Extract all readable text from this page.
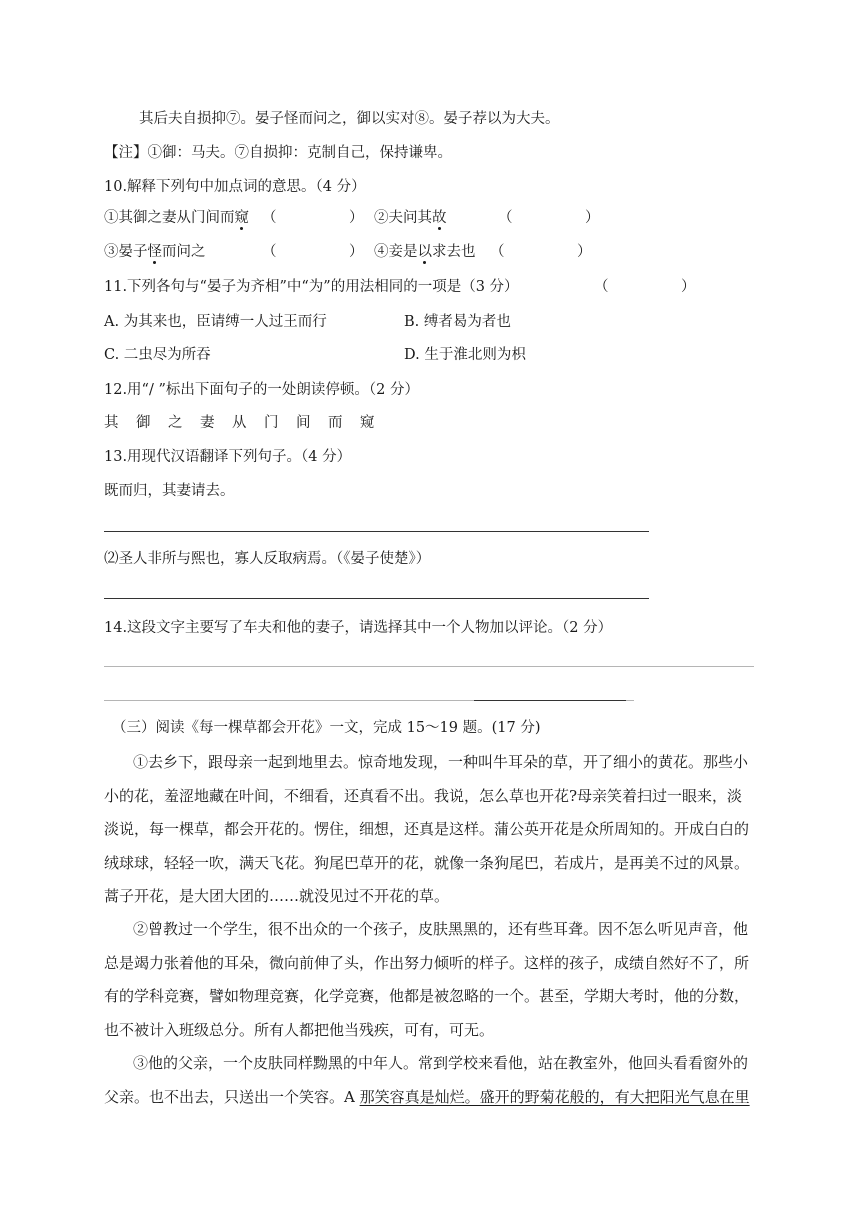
其后夫自损抑⑦。晏子怪而问之，御以实对⑧。晏子荐以为大夫。
【注】①御：马夫。⑦自损抑：克制自己，保持谦卑。
10.解释下列句中加点词的意思。（4 分）
①其御之妻从门间而窥 （　　　　　） ②夫问其故	（　　　　　）
③晏子怪而问之	（　　　　　） ④妾是以求去也 （　　　　　）
11.下列各句与“晏子为齐相”中“为”的用法相同的一项是（3 分）	（　　　　　）
A. 为其来也，臣请缚一人过王而行	B. 缚者曷为者也
C. 二虫尽为所吞	D. 生于淮北则为枳
12.用“/ ”标出下面句子的一处朗读停顿。（2 分）
其 御 之 妻 从 门 间 而 窥
13.用现代汉语翻译下列句子。（4 分）
既而归，其妻请去。
⑵圣人非所与熙也，寡人反取病焉。（《晏子使楚》）
14.这段文字主要写了车夫和他的妻子，请选择其中一个人物加以评论。（2 分）
（三）阅读《每一棵草都会开花》一文，完成 15～19 题。(17 分)
①去乡下，跟母亲一起到地里去。惊奇地发现，一种叫牛耳朵的草，开了细小的黄花。那些小小的花，羞涩地藏在叶间，不细看，还真看不出。我说，怎么草也开花?母亲笑着扫过一眼来，淡淡说，每一棵草，都会开花的。愣住，细想，还真是这样。蒲公英开花是众所周知的。开成白白的绒球球，轻轻一吹，满天飞花。狗尾巴草开的花，就像一条狗尾巴，若成片，是再美不过的风景。蒿子开花，是大团大团的……就没见过不开花的草。
②曾教过一个学生，很不出众的一个孩子，皮肤黑黑的，还有些耳聋。因不怎么听见声音，他总是竭力张着他的耳朵，微向前伸了头，作出努力倾听的样子。这样的孩子，成绩自然好不了，所有的学科竞赛，譬如物理竞赛，化学竞赛，他都是被忽略的一个。甚至，学期大考时，他的分数，也不被计入班级总分。所有人都把他当残疾，可有，可无。
③他的父亲，一个皮肤同样黝黑的中年人。常到学校来看他，站在教室外，他回头看看窗外的父亲。也不出去，只送出一个笑容。A 那笑容真是灿烂。盛开的野菊花般的，有大把阳光气息在里
